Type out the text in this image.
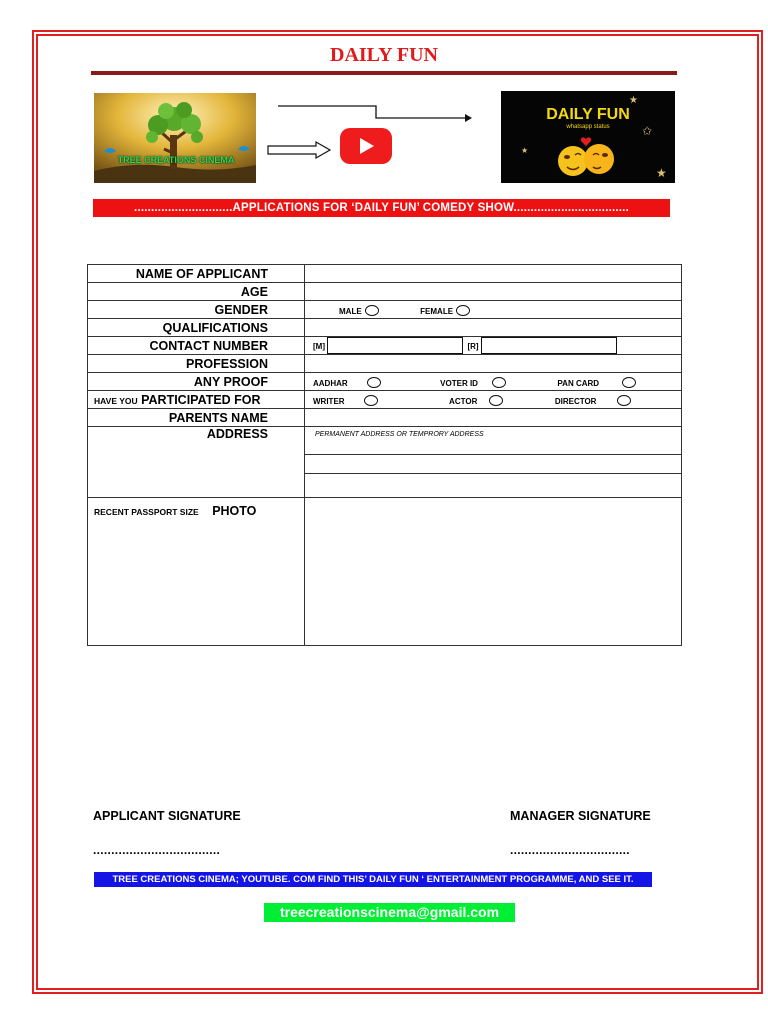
DAILY FUN
TREE CREATIONS CINEMA
DAILY FUN
whatsapp status
★
✩
★
★
.............................APPLICATIONS FOR ‘DAILY FUN’ COMEDY SHOW..................................
NAME OF APPLICANT	
AGE	
GENDER	MALE FEMALE
QUALIFICATIONS	
CONTACT NUMBER	[M] [R]
PROFESSION	
ANY PROOF	AADHAR VOTER ID PAN CARD
HAVE YOU PARTICIPATED FOR	WRITER ACTOR DIRECTOR
PARENTS NAME	
ADDRESS	PERMANENT ADDRESS OR TEMPRORY ADDRESS

RECENT PASSPORT SIZE PHOTO	
APPLICANT SIGNATURE	MANAGER SIGNATURE
...................................	.................................
TREE CREATIONS CINEMA; YOUTUBE. COM FIND THIS’ DAILY FUN ‘ ENTERTAINMENT PROGRAMME, AND SEE IT.
treecreationscinema@gmail.com
